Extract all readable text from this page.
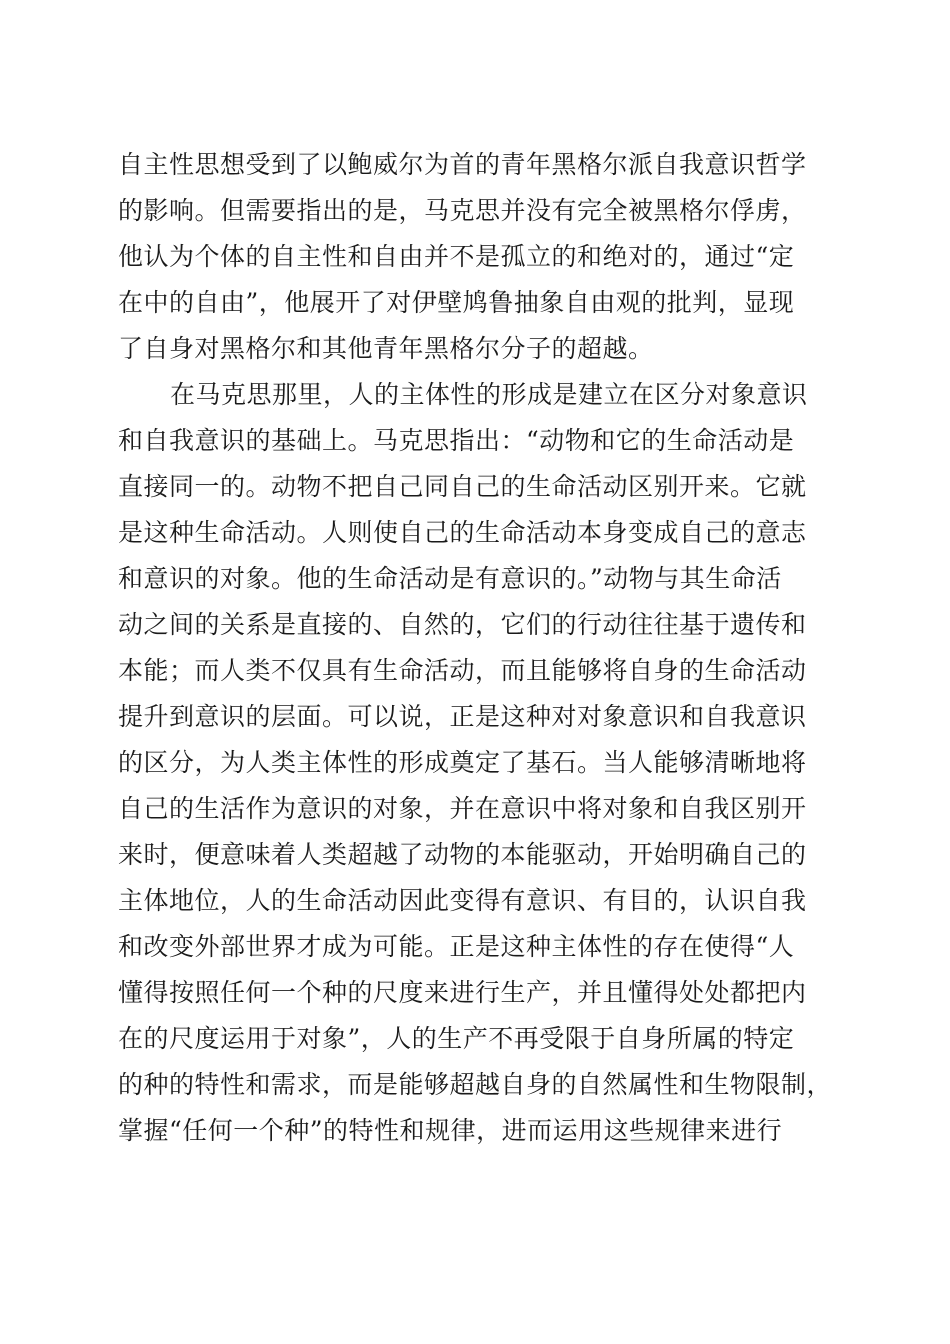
自主性思想受到了以鲍威尔为首的青年黑格尔派自我意识哲学
的影响。但需要指出的是，马克思并没有完全被黑格尔俘虏，
他认为个体的自主性和自由并不是孤立的和绝对的，通过“定
在中的自由”，他展开了对伊壁鸠鲁抽象自由观的批判，显现
了自身对黑格尔和其他青年黑格尔分子的超越。
在马克思那里，人的主体性的形成是建立在区分对象意识
和自我意识的基础上。马克思指出：“动物和它的生命活动是
直接同一的。动物不把自己同自己的生命活动区别开来。它就
是这种生命活动。人则使自己的生命活动本身变成自己的意志
和意识的对象。他的生命活动是有意识的。”动物与其生命活
动之间的关系是直接的、自然的，它们的行动往往基于遗传和
本能；而人类不仅具有生命活动，而且能够将自身的生命活动
提升到意识的层面。可以说，正是这种对对象意识和自我意识
的区分，为人类主体性的形成奠定了基石。当人能够清晰地将
自己的生活作为意识的对象，并在意识中将对象和自我区别开
来时，便意味着人类超越了动物的本能驱动，开始明确自己的
主体地位，人的生命活动因此变得有意识、有目的，认识自我
和改变外部世界才成为可能。正是这种主体性的存在使得“人
懂得按照任何一个种的尺度来进行生产，并且懂得处处都把内
在的尺度运用于对象”，人的生产不再受限于自身所属的特定
的种的特性和需求，而是能够超越自身的自然属性和生物限制，
掌握“任何一个种”的特性和规律，进而运用这些规律来进行
